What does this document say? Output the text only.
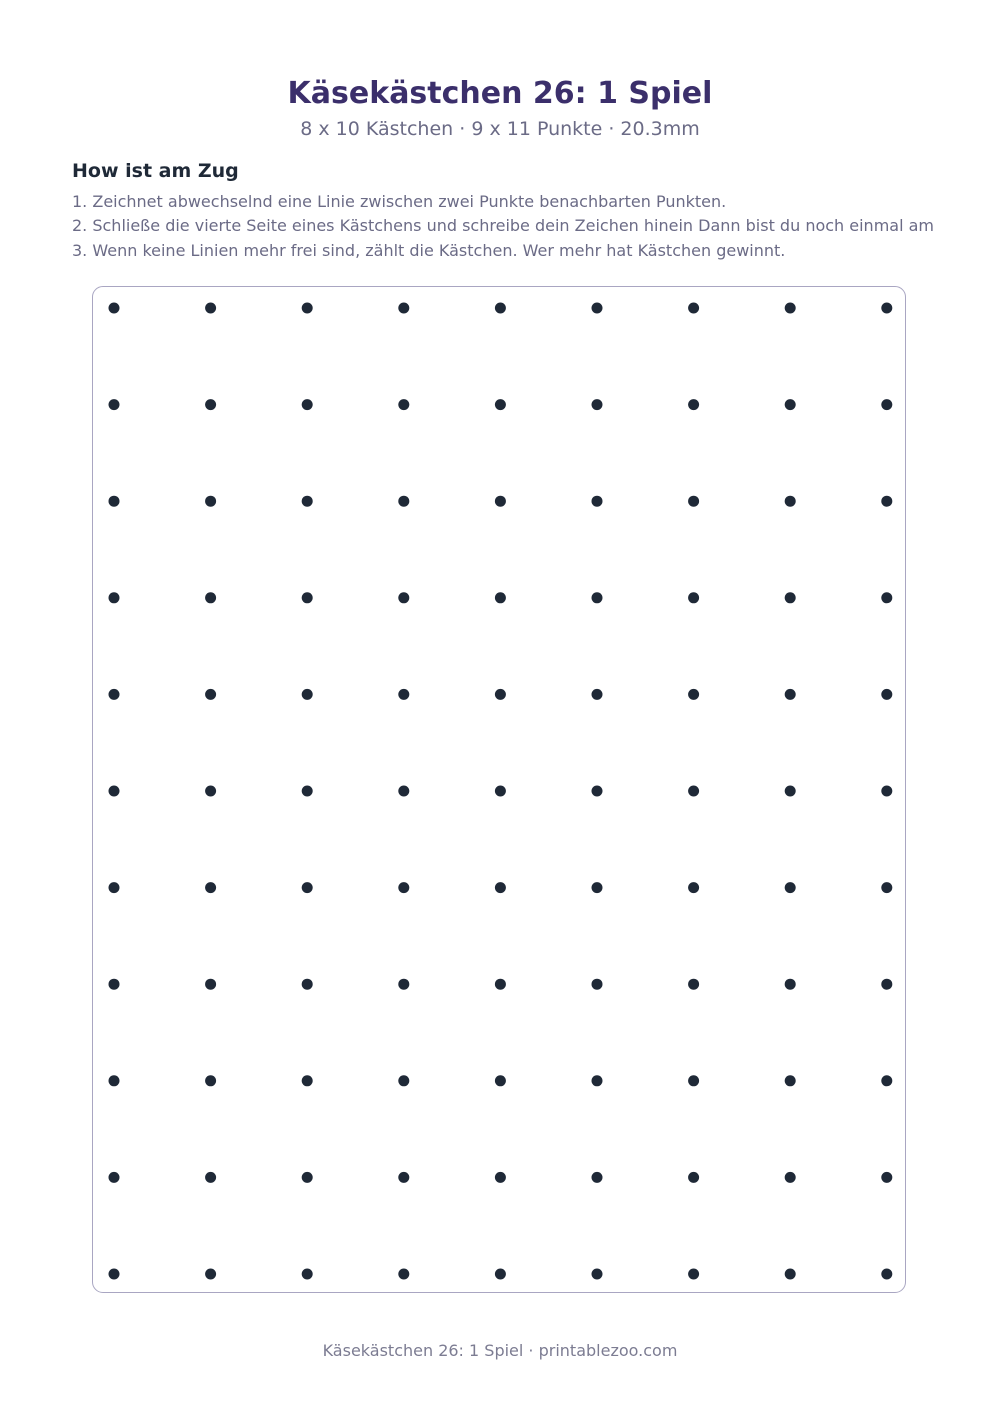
Käsekästchen 26: 1 Spiel
8 x 10 Kästchen · 9 x 11 Punkte · 20.3mm
How ist am Zug
1. Zeichnet abwechselnd eine Linie zwischen zwei Punkte benachbarten Punkten.
2. Schließe die vierte Seite eines Kästchens und schreibe dein Zeichen hinein Dann bist du noch einmal am
3. Wenn keine Linien mehr frei sind, zählt die Kästchen. Wer mehr hat Kästchen gewinnt.
Käsekästchen 26: 1 Spiel · printablezoo.com
